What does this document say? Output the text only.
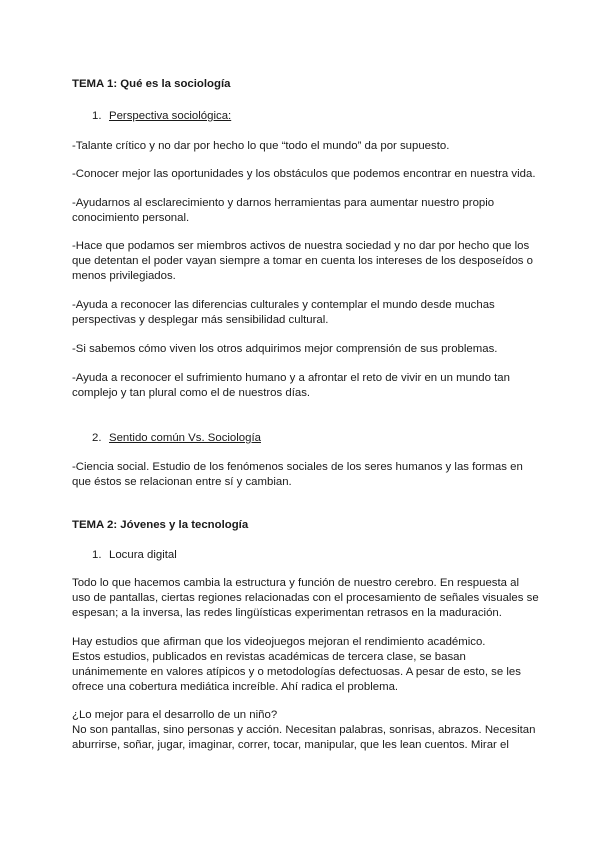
TEMA 1: Qué es la sociología

1. Perspectiva sociológica:

-Talante crítico y no dar por hecho lo que “todo el mundo” da por supuesto.

-Conocer mejor las oportunidades y los obstáculos que podemos encontrar en nuestra vida.

-Ayudarnos al esclarecimiento y darnos herramientas para aumentar nuestro propio
conocimiento personal.

-Hace que podamos ser miembros activos de nuestra sociedad y no dar por hecho que los
que detentan el poder vayan siempre a tomar en cuenta los intereses de los desposeídos o
menos privilegiados.

-Ayuda a reconocer las diferencias culturales y contemplar el mundo desde muchas
perspectivas y desplegar más sensibilidad cultural.

-Si sabemos cómo viven los otros adquirimos mejor comprensión de sus problemas.

-Ayuda a reconocer el sufrimiento humano y a afrontar el reto de vivir en un mundo tan
complejo y tan plural como el de nuestros días.

2. Sentido común Vs. Sociología

-Ciencia social. Estudio de los fenómenos sociales de los seres humanos y las formas en
que éstos se relacionan entre sí y cambian.

TEMA 2: Jóvenes y la tecnología

1. Locura digital

Todo lo que hacemos cambia la estructura y función de nuestro cerebro. En respuesta al
uso de pantallas, ciertas regiones relacionadas con el procesamiento de señales visuales se
espesan; a la inversa, las redes lingüísticas experimentan retrasos en la maduración.

Hay estudios que afirman que los videojuegos mejoran el rendimiento académico.
Estos estudios, publicados en revistas académicas de tercera clase, se basan
unánimemente en valores atípicos y o metodologías defectuosas. A pesar de esto, se les
ofrece una cobertura mediática increíble. Ahí radica el problema.

¿Lo mejor para el desarrollo de un niño?
No son pantallas, sino personas y acción. Necesitan palabras, sonrisas, abrazos. Necesitan
aburrirse, soñar, jugar, imaginar, correr, tocar, manipular, que les lean cuentos. Mirar el
